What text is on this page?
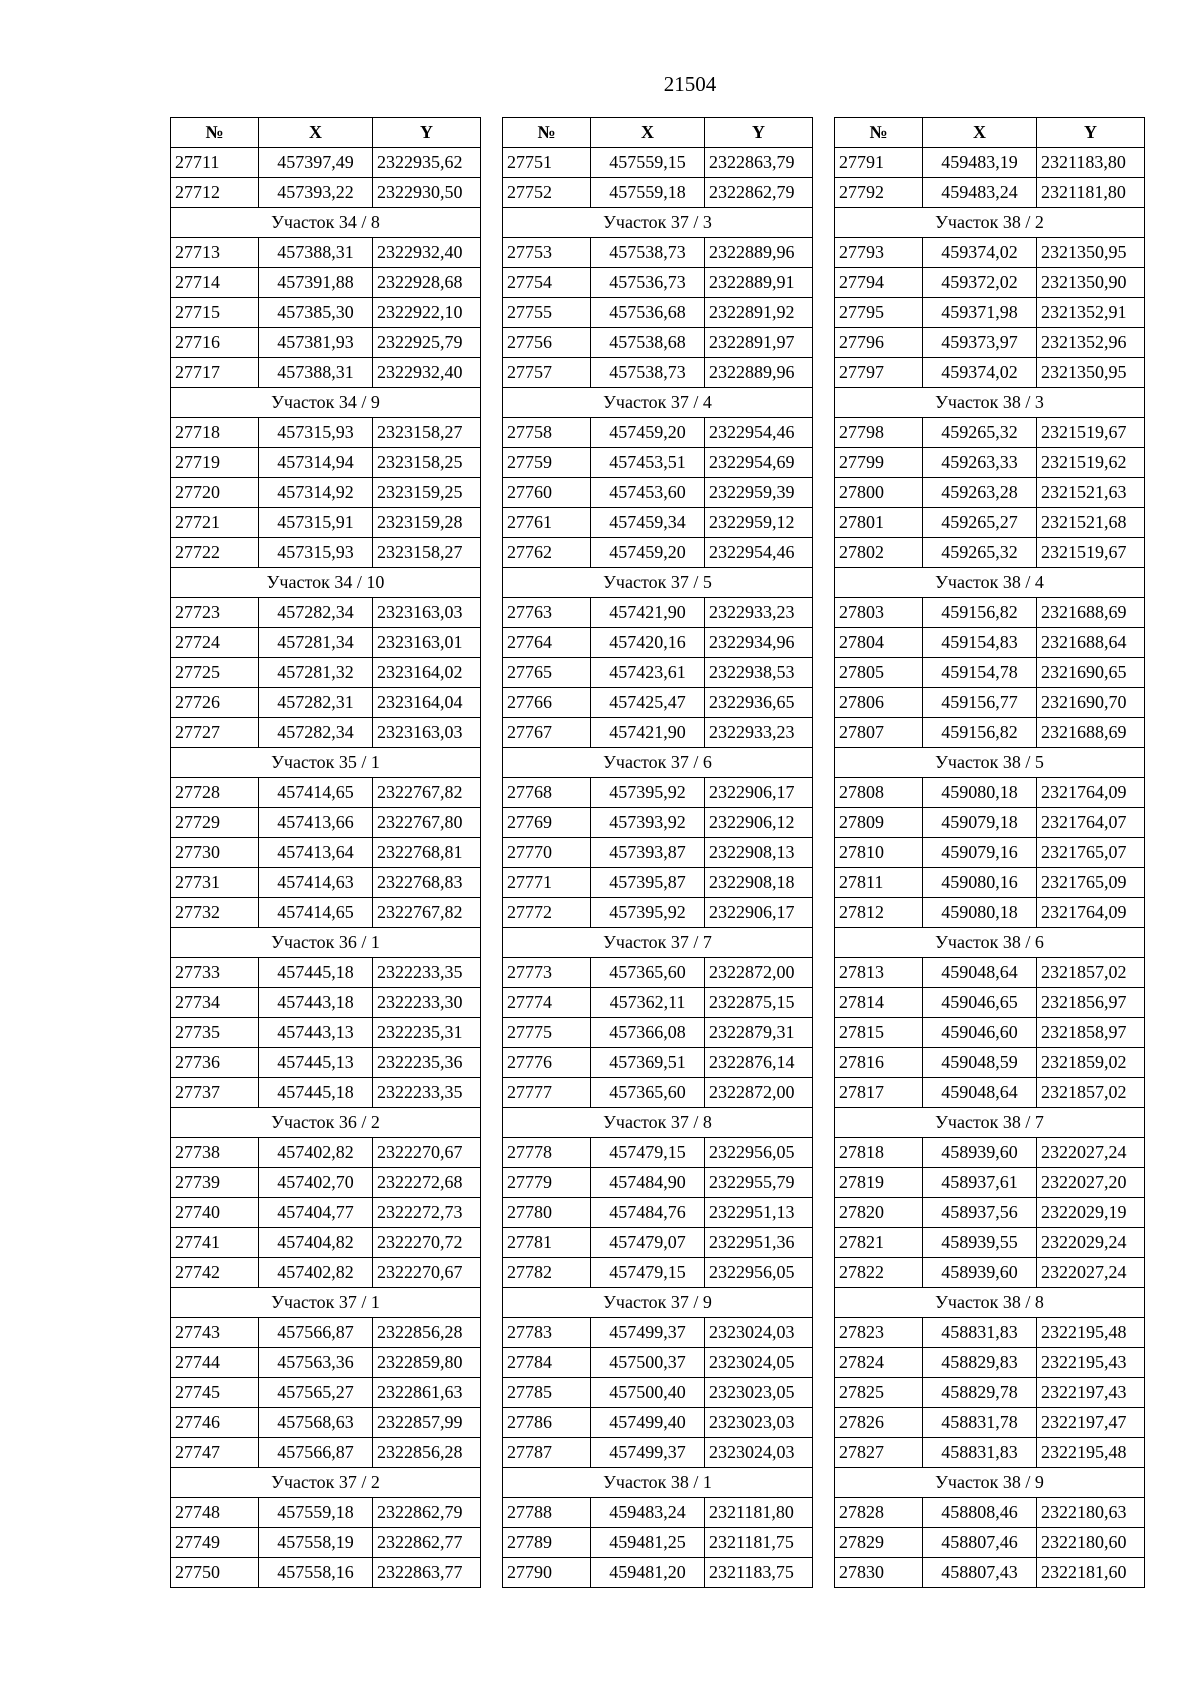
21504
№	X	Y
27711	457397,49	2322935,62
27712	457393,22	2322930,50
Участок 34 / 8		
27713	457388,31	2322932,40
27714	457391,88	2322928,68
27715	457385,30	2322922,10
27716	457381,93	2322925,79
27717	457388,31	2322932,40
Участок 34 / 9		
27718	457315,93	2323158,27
27719	457314,94	2323158,25
27720	457314,92	2323159,25
27721	457315,91	2323159,28
27722	457315,93	2323158,27
Участок 34 / 10		
27723	457282,34	2323163,03
27724	457281,34	2323163,01
27725	457281,32	2323164,02
27726	457282,31	2323164,04
27727	457282,34	2323163,03
Участок 35 / 1		
27728	457414,65	2322767,82
27729	457413,66	2322767,80
27730	457413,64	2322768,81
27731	457414,63	2322768,83
27732	457414,65	2322767,82
Участок 36 / 1		
27733	457445,18	2322233,35
27734	457443,18	2322233,30
27735	457443,13	2322235,31
27736	457445,13	2322235,36
27737	457445,18	2322233,35
Участок 36 / 2		
27738	457402,82	2322270,67
27739	457402,70	2322272,68
27740	457404,77	2322272,73
27741	457404,82	2322270,72
27742	457402,82	2322270,67
Участок 37 / 1		
27743	457566,87	2322856,28
27744	457563,36	2322859,80
27745	457565,27	2322861,63
27746	457568,63	2322857,99
27747	457566,87	2322856,28
Участок 37 / 2		
27748	457559,18	2322862,79
27749	457558,19	2322862,77
27750	457558,16	2322863,77
№	X	Y
27751	457559,15	2322863,79
27752	457559,18	2322862,79
Участок 37 / 3		
27753	457538,73	2322889,96
27754	457536,73	2322889,91
27755	457536,68	2322891,92
27756	457538,68	2322891,97
27757	457538,73	2322889,96
Участок 37 / 4		
27758	457459,20	2322954,46
27759	457453,51	2322954,69
27760	457453,60	2322959,39
27761	457459,34	2322959,12
27762	457459,20	2322954,46
Участок 37 / 5		
27763	457421,90	2322933,23
27764	457420,16	2322934,96
27765	457423,61	2322938,53
27766	457425,47	2322936,65
27767	457421,90	2322933,23
Участок 37 / 6		
27768	457395,92	2322906,17
27769	457393,92	2322906,12
27770	457393,87	2322908,13
27771	457395,87	2322908,18
27772	457395,92	2322906,17
Участок 37 / 7		
27773	457365,60	2322872,00
27774	457362,11	2322875,15
27775	457366,08	2322879,31
27776	457369,51	2322876,14
27777	457365,60	2322872,00
Участок 37 / 8		
27778	457479,15	2322956,05
27779	457484,90	2322955,79
27780	457484,76	2322951,13
27781	457479,07	2322951,36
27782	457479,15	2322956,05
Участок 37 / 9		
27783	457499,37	2323024,03
27784	457500,37	2323024,05
27785	457500,40	2323023,05
27786	457499,40	2323023,03
27787	457499,37	2323024,03
Участок 38 / 1		
27788	459483,24	2321181,80
27789	459481,25	2321181,75
27790	459481,20	2321183,75
№	X	Y
27791	459483,19	2321183,80
27792	459483,24	2321181,80
Участок 38 / 2		
27793	459374,02	2321350,95
27794	459372,02	2321350,90
27795	459371,98	2321352,91
27796	459373,97	2321352,96
27797	459374,02	2321350,95
Участок 38 / 3		
27798	459265,32	2321519,67
27799	459263,33	2321519,62
27800	459263,28	2321521,63
27801	459265,27	2321521,68
27802	459265,32	2321519,67
Участок 38 / 4		
27803	459156,82	2321688,69
27804	459154,83	2321688,64
27805	459154,78	2321690,65
27806	459156,77	2321690,70
27807	459156,82	2321688,69
Участок 38 / 5		
27808	459080,18	2321764,09
27809	459079,18	2321764,07
27810	459079,16	2321765,07
27811	459080,16	2321765,09
27812	459080,18	2321764,09
Участок 38 / 6		
27813	459048,64	2321857,02
27814	459046,65	2321856,97
27815	459046,60	2321858,97
27816	459048,59	2321859,02
27817	459048,64	2321857,02
Участок 38 / 7		
27818	458939,60	2322027,24
27819	458937,61	2322027,20
27820	458937,56	2322029,19
27821	458939,55	2322029,24
27822	458939,60	2322027,24
Участок 38 / 8		
27823	458831,83	2322195,48
27824	458829,83	2322195,43
27825	458829,78	2322197,43
27826	458831,78	2322197,47
27827	458831,83	2322195,48
Участок 38 / 9		
27828	458808,46	2322180,63
27829	458807,46	2322180,60
27830	458807,43	2322181,60
